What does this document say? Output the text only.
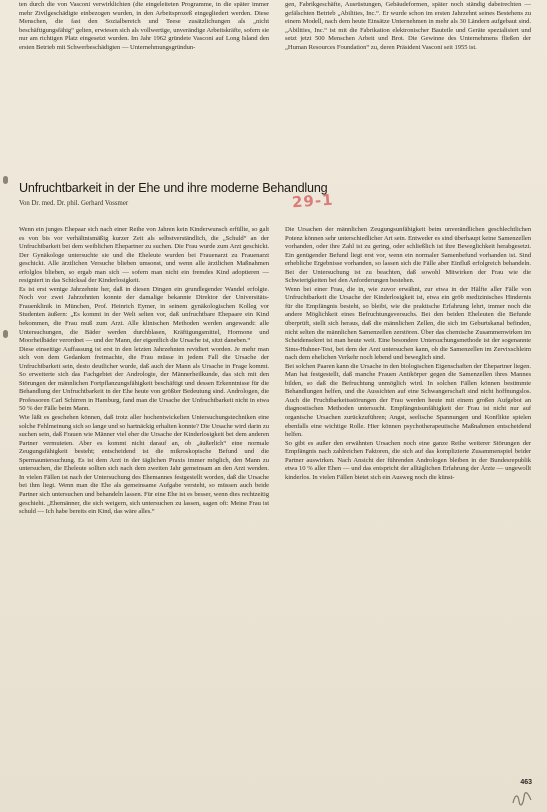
ten durch die von Vasconi verwirklichten (die eingeleiteten Programme, in die später immer mehr Zivilgeschädigte einbezogen wurden, in den Arbeitsprozeß eingegliedert werden. Diese Menschen, die fast den Sozialbereich und Teese zusätzlichungen als „nicht beschäftigungsfähig“ gelten, erwiesen sich als vollwertige, unverändige Arbeitskräfte, sofern sie nur am richtigen Platz eingesetzt wurden. Im Jahr 1962 gründete Vasconi auf Long Island den ersten Betrieb mit Schwerbeschädigten — Unternehmungsgründun-

gen, Fabrikgeschäfte, Ausrüstungen, Gebäudeformen, später noch ständig dabeirechten — gefälschten Betrieb „Abilities, Inc.“. Er wurde schon im ersten Jahrzehnt seines Bestehens zu einem Modell, nach dem heute Einsätze Unternehmen in mehr als 30 Ländern aufgebaut sind. „Abilities, Inc.“ ist mit die Fabrikation elektronischer Bauteile und Geräte spezialisiert und setzt jetzt 500 Menschen Arbeit und Brot. Die Gewinne des Unternehmens fließen der „Human Resources Foundation“ zu, deren Präsident Vasconi seit 1955 ist.

Unfruchtbarkeit in der Ehe und ihre moderne Behandlung
Von Dr. med. Dr. phil. Gerhard Vossmer	29-1

Wenn ein junges Ehepaar sich nach einer Reihe von Jahren kein Kinderwunsch erfüllte, so galt es von bis vor verhältnismäßig kurzer Zeit als selbstverständlich, die „Schuld“ an der Unfruchtbarkeit bei dem weiblichen Ehepartner zu suchen. Die Frau wurde zum Arzt geschickt. Der Gynäkologe untersuchte sie und die Eheleute wurden bei Frauenarzt zu Frauenarzt geschickt. Alle ärztlichen Versuche blieben umsonst, und wenn alle ärztlichen Maßnahmen erfolglos blieben, so ergab man sich — sofern man nicht ein fremdes Kind adoptieren — resigniert in das Schicksal der Kinderlosigkeit.

Es ist erst wenige Jahrzehnte her, daß in diesen Dingen ein grundlegender Wandel erfolgte. Noch vor zwei Jahrzehnten konnte der damalige bekannte Direktor der Universitäts-Frauenklinik in München, Prof. Heinrich Eymer, in seinem gynäkologischen Kolleg vor Studenten äußern: „Es kommt in der Welt selten vor, daß unfruchtbare Ehepaare ein Kind bekommen, die Frau muß zum Arzt. Alle klinischen Methoden werden angewandt: alle Untersuchungen, die Bäder werden durchblasen, Kräftigungsmittel, Hormone und Moorheilbäder verordnet — und der Mann, der eigentlich die Ursache ist, sitzt daneben.“

Diese einseitige Auffassung ist erst in den letzten Jahrzehnten revidiert worden. Je mehr man sich von dem Gedanken freimachte, die Frau müsse in jedem Fall die Ursache der Unfruchtbarkeit sein, desto deutlicher wurde, daß auch der Mann als Ursache in Frage kommt. So erweiterte sich das Fachgebiet der Andrologie, der Männerheilkunde, das sich mit den Störungen der männlichen Fortpflanzungsfähigkeit beschäftigt und dessen Erkenntnisse für die Behandlung der Unfruchtbarkeit in der Ehe heute von größter Bedeutung sind. Andrologen, die Professoren Carl Schirren in Hamburg, fand man die Ursache der Unfruchtbarkeit nicht in etwa 50 % der Fälle beim Mann.

Wie läßt es geschehen können, daß trotz aller hochentwickelten Untersuchungstechniken eine solche Fehlmeinung sich so lange und so hartnäckig erhalten konnte? Die Ursache wird darin zu suchen sein, daß Frauen wie Männer viel eher die Ursache der Kinderlosigkeit bei dem anderen Partner vermuteten. Aber es kommt nicht darauf an, ob „äußerlich“ eine normale Zeugungsfähigkeit besteht; entscheidend ist die mikroskopische Befund und die Spermauntersuchung. Es ist dem Arzt in der täglichen Praxis immer möglich, den Mann zu untersuchen, die Eheleute sollten sich nach dem zweiten Jahr gemeinsam an den Arzt wenden. In vielen Fällen ist nach der Untersuchung des Ehemannes festgestellt worden, daß die Ursache bei ihm liegt. Wenn man die Ehe als gemeinsame Aufgabe versteht, so müssen auch beide Partner sich untersuchen und behandeln lassen. Für eine Ehe ist es besser, wenn dies rechtzeitig geschieht. „Ehemänner, die sich weigern, sich untersuchen zu lassen, sagen oft: Meine Frau ist schuld — Ich habe bereits ein Kind, das wäre alles.“

Die Ursachen der männlichen Zeugungsunfähigkeit beim unverändlichen geschlechtlichen Potenz können sehr unterschiedlicher Art sein. Entweder es sind überhaupt keine Samenzellen vorhanden, oder ihre Zahl ist zu gering, oder schließlich ist ihre Beweglichkeit herabgesetzt. Ein genügender Befund liegt erst vor, wenn ein normaler Samenbefund vorhanden ist. Sind erhebliche Ergebnisse vorhanden, so lassen sich die Fälle aber Einfluß erfolgreich behandeln. Bei der Untersuchung ist zu beachten, daß sowohl Mitwirken der Frau wie die Schwierigkeiten bei den Anforderungen bestehen.

Wenn bei einer Frau, die in, wie zuvor erwähnt, zur etwa in der Hälfte aller Fälle von Unfruchtbarkeit die Ursache der Kinderlosigkeit ist, etwa ein gröb medizinisches Hindernis für die Empfängnis besteht, so bleibt, wie die praktische Erfahrung lehrt, immer noch die andere Möglichkeit eines Befruchtungsversuchs. Bei den beiden Eheleuten die Befunde überprüft, stellt sich heraus, daß die männlichen Zellen, die sich im Geburtskanal befinden, nicht selten die männlichen Samenzellen zerstören. Über das chemische Zusammenwirken im Scheidensekret ist man heute weit. Eine besondere Untersuchungsmethode ist der sogenannte Sims-Huhner-Test, bei dem der Arzt untersuchen kann, ob die Samenzellen im Zervixschleim nach dem ehelichen Verkehr noch lebend und beweglich sind.

Bei solchen Paaren kann die Ursache in den biologischen Eigenschaften der Ehepartner liegen. Man hat festgestellt, daß manche Frauen Antikörper gegen die Samenzellen ihres Mannes bilden, so daß die Befruchtung unmöglich wird. In solchen Fällen können bestimmte Behandlungen helfen, und die Aussichten auf eine Schwangerschaft sind nicht hoffnungslos. Auch die Fruchtbarkeitsstörungen der Frau werden heute mit einem großen Aufgebot an diagnostischen Methoden untersucht. Empfängnisunfähigkeit der Frau ist nicht nur auf organische Ursachen zurückzuführen; Angst, seelische Spannungen und Konflikte spielen ebenfalls eine wichtige Rolle. Hier können psychotherapeutische Maßnahmen entscheidend helfen.

So gibt es außer den erwähnten Ursachen noch eine ganze Reihe weiterer Störungen der Empfängnis nach zahlreichen Faktoren, die sich auf das komplizierte Zusammenspiel beider Partner auswirken. Nach Ansicht der führenden Andrologen bleiben in der Bundesrepublik etwa 10 % aller Ehen — und das entspricht der alltäglichen Erfahrung der Ärzte — ungewollt kinderlos. In vielen Fällen bietet sich ein Ausweg noch die künst-

463
